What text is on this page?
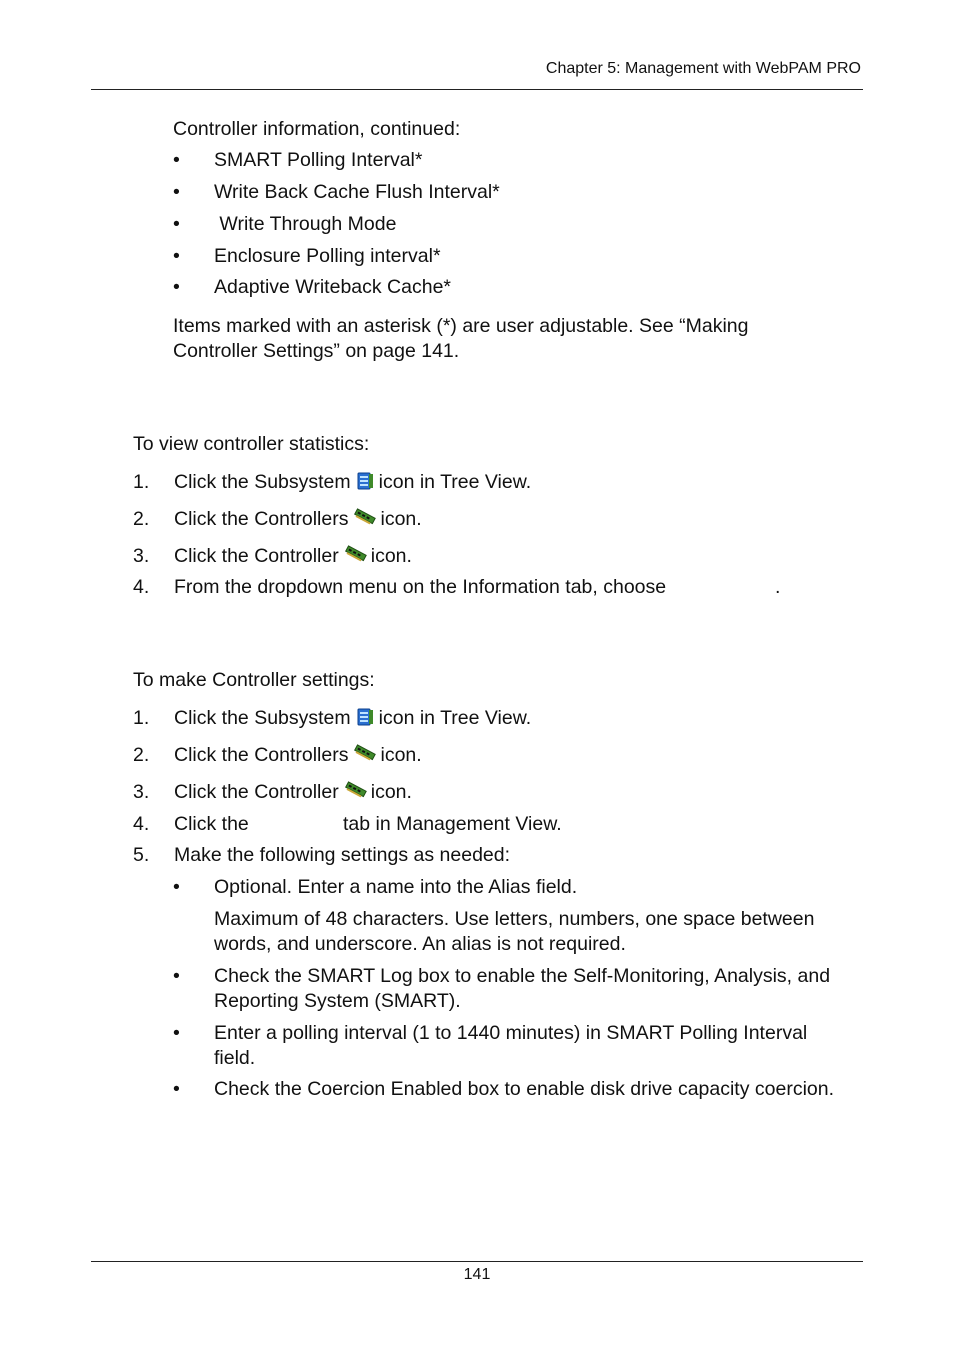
Chapter 5: Management with WebPAM PRO
Controller information, continued:
• SMART Polling Interval*
• Write Back Cache Flush Interval*
• Write Through Mode
• Enclosure Polling interval*
• Adaptive Writeback Cache*
Items marked with an asterisk (*) are user adjustable. See “Making
Controller Settings” on page 141.
To view controller statistics:
1. Click the Subsystem icon in Tree View.
2. Click the Controllers icon.
3. Click the Controller icon.
4. From the dropdown menu on the Information tab, choose	.
To make Controller settings:
1. Click the Subsystem icon in Tree View.
2. Click the Controllers icon.
3. Click the Controller icon.
4. Click the	tab in Management View.
5. Make the following settings as needed:
• Optional. Enter a name into the Alias field.
Maximum of 48 characters. Use letters, numbers, one space between
words, and underscore. An alias is not required.
• Check the SMART Log box to enable the Self-Monitoring, Analysis, and
Reporting System (SMART).
• Enter a polling interval (1 to 1440 minutes) in SMART Polling Interval
field.
• Check the Coercion Enabled box to enable disk drive capacity coercion.
141
